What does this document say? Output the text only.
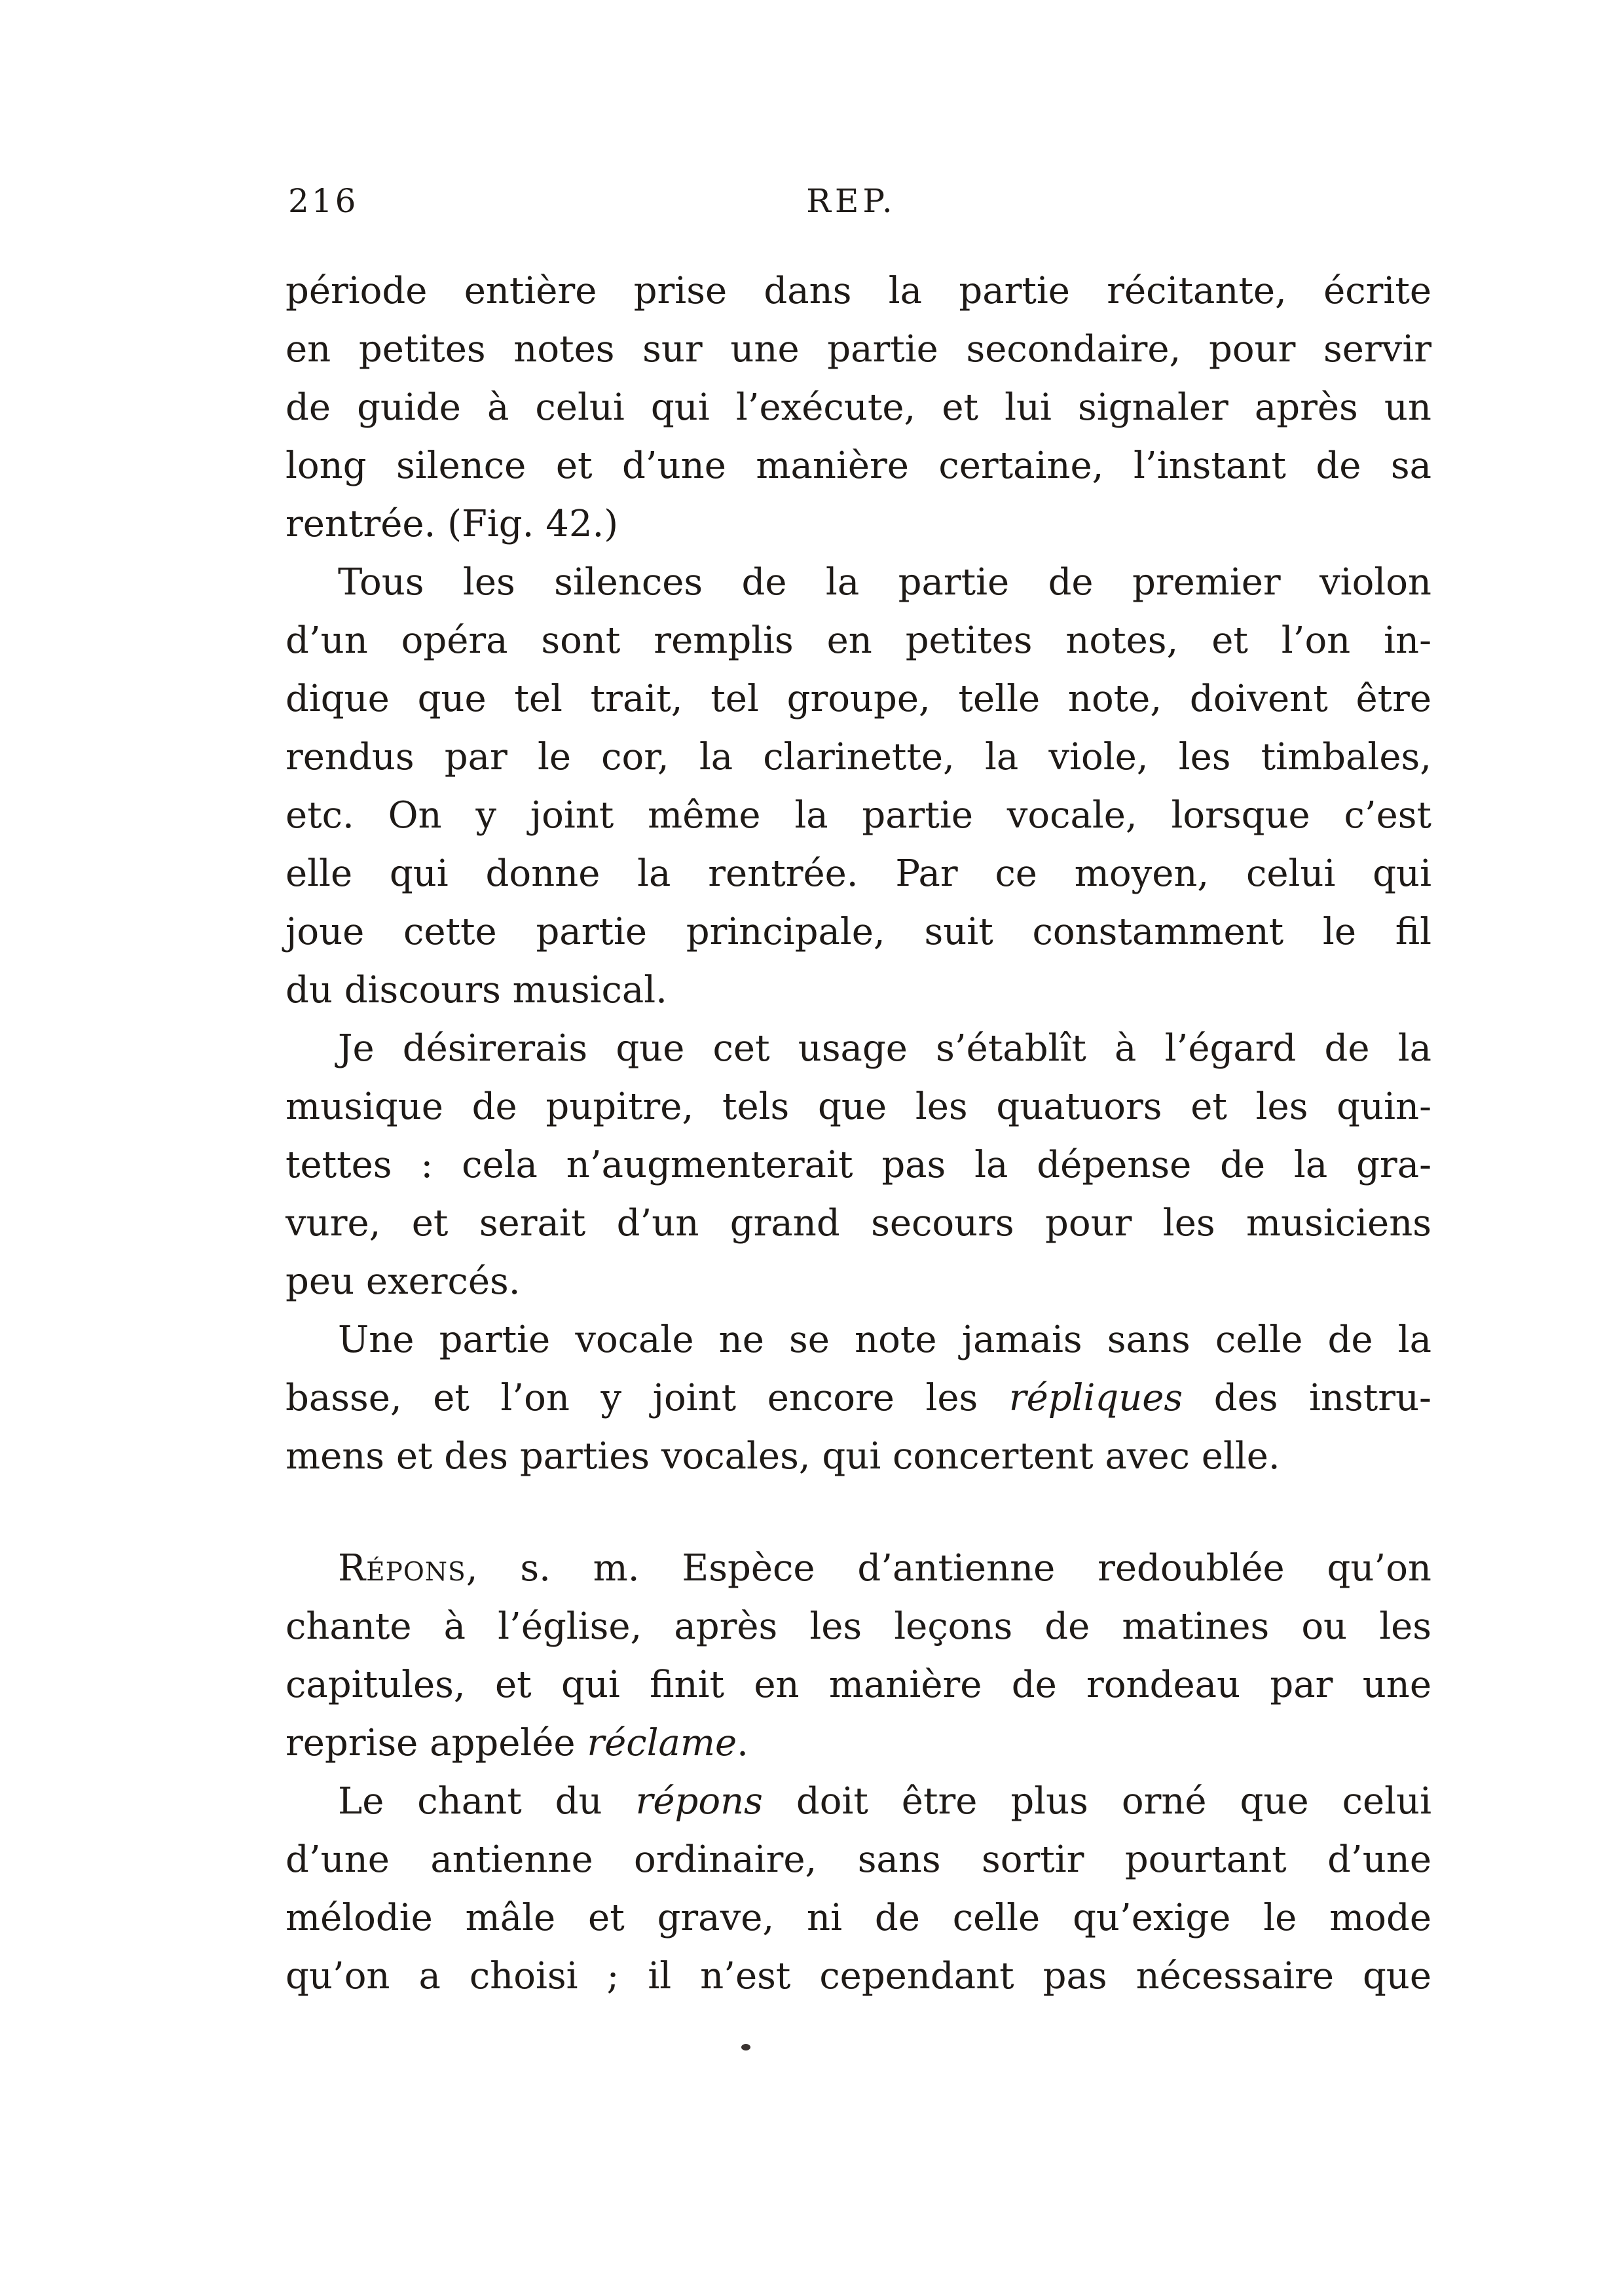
216	REP.

période entière prise dans la partie récitante, écrite
en petites notes sur une partie secondaire, pour servir
de guide à celui qui l’exécute, et lui signaler après un
long silence et d’une manière certaine, l’instant de sa
rentrée. (Fig. 42.)

Tous les silences de la partie de premier violon

d’un opéra sont remplis en petites notes, et l’on in-
dique que tel trait, tel groupe, telle note, doivent être
rendus par le cor, la clarinette, la viole, les timbales,
etc. On y joint même la partie vocale, lorsque c’est
elle qui donne la rentrée. Par ce moyen, celui qui
joue cette partie principale, suit constamment le fil
du discours musical.

Je désirerais que cet usage s’établît à l’égard de la

musique de pupitre, tels que les quatuors et les quin-
tettes : cela n’augmenterait pas la dépense de la gra-
vure, et serait d’un grand secours pour les musiciens
peu exercés.

Une partie vocale ne se note jamais sans celle de la

basse, et l’on y joint encore les répliques des instru-
mens et des parties vocales, qui concertent avec elle.

Répons, s. m. Espèce d’antienne redoublée qu’on

chante à l’église, après les leçons de matines ou les
capitules, et qui finit en manière de rondeau par une
reprise appelée réclame.

Le chant du répons doit être plus orné que celui

d’une antienne ordinaire, sans sortir pourtant d’une
mélodie mâle et grave, ni de celle qu’exige le mode
qu’on a choisi ; il n’est cependant pas nécessaire que
